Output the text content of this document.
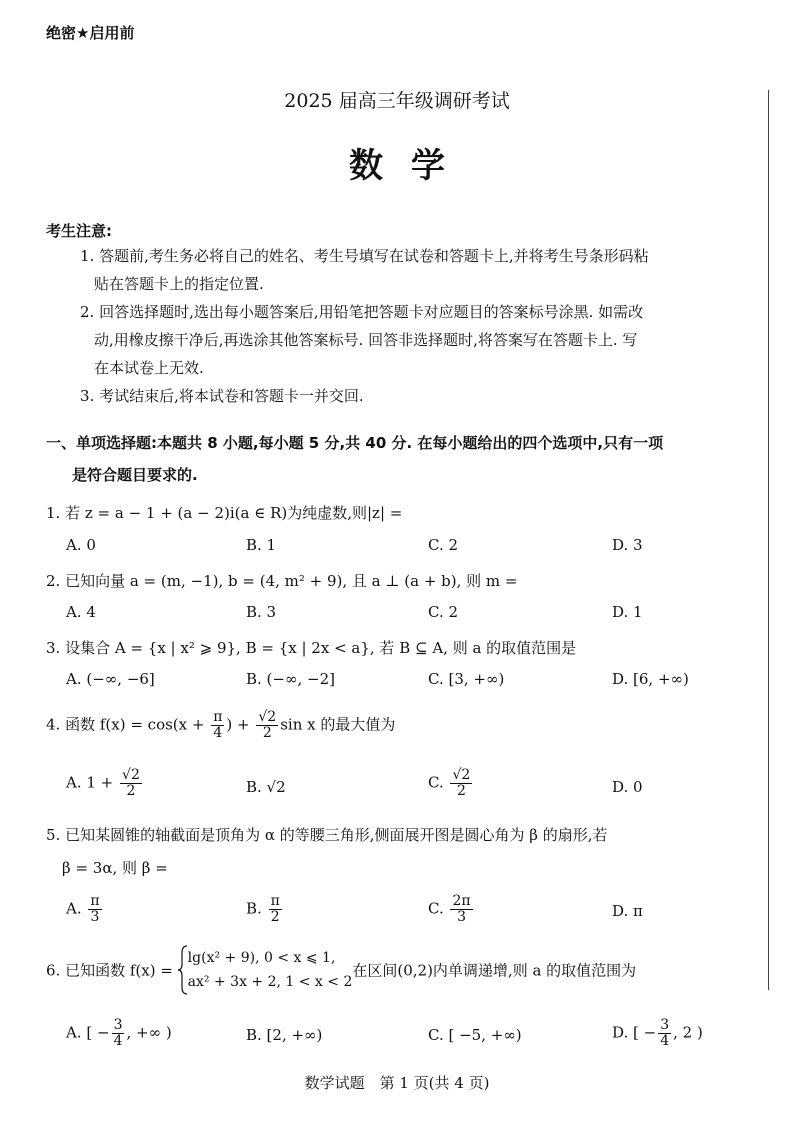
绝密★启用前
2025 届高三年级调研考试
数学
考生注意:
1. 答题前,考生务必将自己的姓名、考生号填写在试卷和答题卡上,并将考生号条形码粘
贴在答题卡上的指定位置.
2. 回答选择题时,选出每小题答案后,用铅笔把答题卡对应题目的答案标号涂黑. 如需改
动,用橡皮擦干净后,再选涂其他答案标号. 回答非选择题时,将答案写在答题卡上. 写
在本试卷上无效.
3. 考试结束后,将本试卷和答题卡一并交回.
一、单项选择题:本题共 8 小题,每小题 5 分,共 40 分. 在每小题给出的四个选项中,只有一项
是符合题目要求的.
1. 若 z = a − 1 + (a − 2)i(a ∈ R)为纯虚数,则|z| =
A. 0	B. 1	C. 2	D. 3
2. 已知向量 a = (m, −1), b = (4, m² + 9), 且 a ⊥ (a + b), 则 m =
A. 4	B. 3	C. 2	D. 1
3. 设集合 A = {x | x² ⩾ 9}, B = {x | 2x < a}, 若 B ⊆ A, 则 a 的取值范围是
A. (−∞, −6]	B. (−∞, −2]	C. [3, +∞)	D. [6, +∞)
4. 函数 $f(x) = \cos(x + \frac{\pi}{4}$ ) + $\frac{√2}{2}$ sin x 的最大值为
A. $1 + \frac{√2}{2}$	B. √2	C. $\frac{√2}{2}$	D. 0
5. 已知某圆锥的轴截面是顶角为 α 的等腰三角形,侧面展开图是圆心角为 β 的扇形,若
β = 3α, 则 β =
A. $\frac{\pi}{3}$	B. $\frac{\pi}{2}$	C. $\frac{2\pi}{3}$	D. π
6. 已知函数 f(x) =
lg(x² + 9), 0 < x ⩽ 1,
ax² + 3x + 2, 1 < x < 2
在区间(0,2)内单调递增,则 a 的取值范围为
A. [ − $\frac{3}{4}$ , +∞ )	B. [2, +∞)	C. [ −5, +∞)	D. [ − $\frac{3}{4}$ , 2 )
数学试题　第 1 页(共 4 页)
